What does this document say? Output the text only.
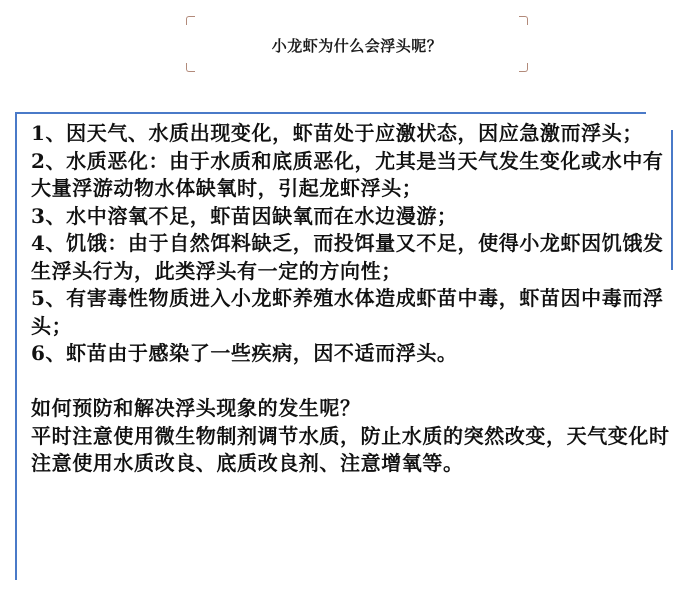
小龙虾为什么会浮头呢？

1、因天气、水质出现变化，虾苗处于应激状态，因应急激而浮头；

2、水质恶化：由于水质和底质恶化，尤其是当天气发生变化或水中有大量浮游动物水体缺氧时，引起龙虾浮头；

3、水中溶氧不足，虾苗因缺氧而在水边漫游；

4、饥饿：由于自然饵料缺乏，而投饵量又不足，使得小龙虾因饥饿发生浮头行为，此类浮头有一定的方向性；

5、有害毒性物质进入小龙虾养殖水体造成虾苗中毒，虾苗因中毒而浮头；

6、虾苗由于感染了一些疾病，因不适而浮头。

如何预防和解决浮头现象的发生呢？

平时注意使用微生物制剂调节水质，防止水质的突然改变，天气变化时注意使用水质改良、底质改良剂、注意增氧等。
